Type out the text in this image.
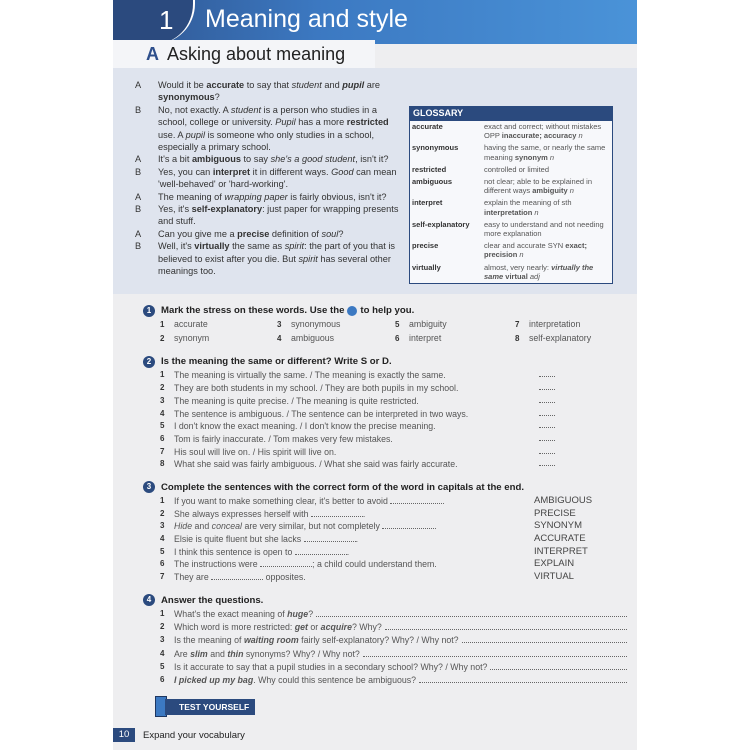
1 Meaning and style
A Asking about meaning
A	Would it be accurate to say that student and pupil are synonymous?
B	No, not exactly. A student is a person who studies in a school, college or university. Pupil has a more restricted use. A pupil is someone who only studies in a school, especially a primary school.
A	It's a bit ambiguous to say she's a good student, isn't it?
B	Yes, you can interpret it in different ways. Good can mean 'well-behaved' or 'hard-working'.
A	The meaning of wrapping paper is fairly obvious, isn't it?
B	Yes, it's self-explanatory: just paper for wrapping presents and stuff.
A	Can you give me a precise definition of soul?
B	Well, it's virtually the same as spirit: the part of you that is believed to exist after you die. But spirit has several other meanings too.
GLOSSARY
accurate	exact and correct; without mistakes OPP inaccurate; accuracy n
synonymous	having the same, or nearly the same meaning synonym n
restricted	controlled or limited
ambiguous	not clear; able to be explained in different ways ambiguity n
interpret	explain the meaning of sth interpretation n
self-explanatory	easy to understand and not needing more explanation
precise	clear and accurate SYN exact; precision n
virtually	almost, very nearly: virtually the same virtual adj
1	Mark the stress on these words. Use the to help you.
1 accurate	3 synonymous	5 ambiguity	7 interpretation
2 synonym	4 ambiguous	6 interpret	8 self-explanatory
2	Is the meaning the same or different? Write S or D.
1	The meaning is virtually the same. / The meaning is exactly the same.
2	They are both students in my school. / They are both pupils in my school.
3	The meaning is quite precise. / The meaning is quite restricted.
4	The sentence is ambiguous. / The sentence can be interpreted in two ways.
5	I don't know the exact meaning. / I don't know the precise meaning.
6	Tom is fairly inaccurate. / Tom makes very few mistakes.
7	His soul will live on. / His spirit will live on.
8	What she said was fairly ambiguous. / What she said was fairly accurate.
3	Complete the sentences with the correct form of the word in capitals at the end.
1	If you want to make something clear, it's better to avoid	.	AMBIGUOUS
2	She always expresses herself with	.	PRECISE
3	Hide and conceal are very similar, but not completely	.	SYNONYM
4	Elsie is quite fluent but she lacks	.	ACCURATE
5	I think this sentence is open to	.	INTERPRET
6	The instructions were	; a child could understand them.	EXPLAIN
7	They are	opposites.	VIRTUAL
4	Answer the questions.
1	What's the exact meaning of huge?
2	Which word is more restricted: get or acquire? Why?
3	Is the meaning of waiting room fairly self-explanatory? Why? / Why not?
4	Are slim and thin synonyms? Why? / Why not?
5	Is it accurate to say that a pupil studies in a secondary school? Why? / Why not?
6	I picked up my bag. Why could this sentence be ambiguous?
TEST YOURSELF
10	Expand your vocabulary
